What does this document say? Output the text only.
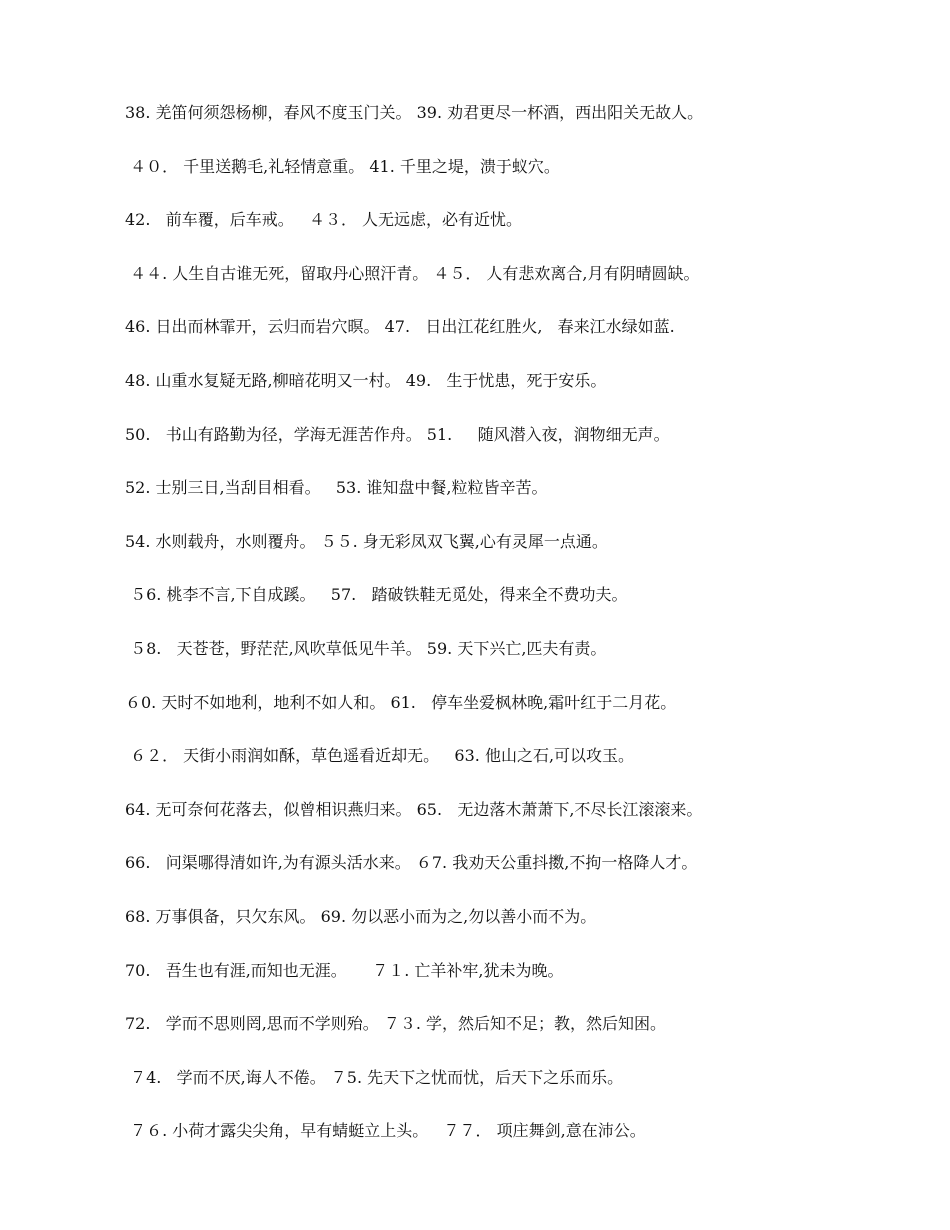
38. 羌笛何须怨杨柳，春风不度玉门关。 39. 劝君更尽一杯酒，西出阳关无故人。
４０． 千里送鹅毛,礼轻情意重。 41. 千里之堤，溃于蚁穴。
42.   前车覆，后车戒。   ４３． 人无远虑，必有近忧。
４４. 人生自古谁无死，留取丹心照汗青。 ４５． 人有悲欢离合,月有阴晴圆缺。
46. 日出而林霏开，云归而岩穴暝。 47.   日出江花红胜火,   春来江水绿如蓝.
48. 山重水复疑无路,柳暗花明又一村。 49.   生于忧患，死于安乐。
50.   书山有路勤为径，学海无涯苦作舟。 51.     随风潜入夜，润物细无声。
52. 士别三日,当刮目相看。   53. 谁知盘中餐,粒粒皆辛苦。
54. 水则载舟，水则覆舟。 ５５. 身无彩凤双飞翼,心有灵犀一点通。
５6. 桃李不言,下自成蹊。   57.   踏破铁鞋无觅处，得来全不费功夫。
５8.   天苍苍，野茫茫,风吹草低见牛羊。 59. 天下兴亡,匹夫有责。
６0. 天时不如地利，地利不如人和。 61.   停车坐爱枫林晚,霜叶红于二月花。
６２． 天街小雨润如酥，草色遥看近却无。   63. 他山之石,可以攻玉。
64. 无可奈何花落去，似曾相识燕归来。 65.   无边落木萧萧下,不尽长江滚滚来。
66.   问渠哪得清如许,为有源头活水来。 ６7. 我劝天公重抖擞,不拘一格降人才。
68. 万事俱备，只欠东风。 69. 勿以恶小而为之,勿以善小而不为。
70.   吾生也有涯,而知也无涯。     ７１. 亡羊补牢,犹未为晚。
72.   学而不思则罔,思而不学则殆。 ７３. 学，然后知不足；教，然后知困。
７4.   学而不厌,诲人不倦。 ７5. 先天下之忧而忧，后天下之乐而乐。
７６. 小荷才露尖尖角，早有蜻蜓立上头。   ７７． 项庄舞剑,意在沛公。
